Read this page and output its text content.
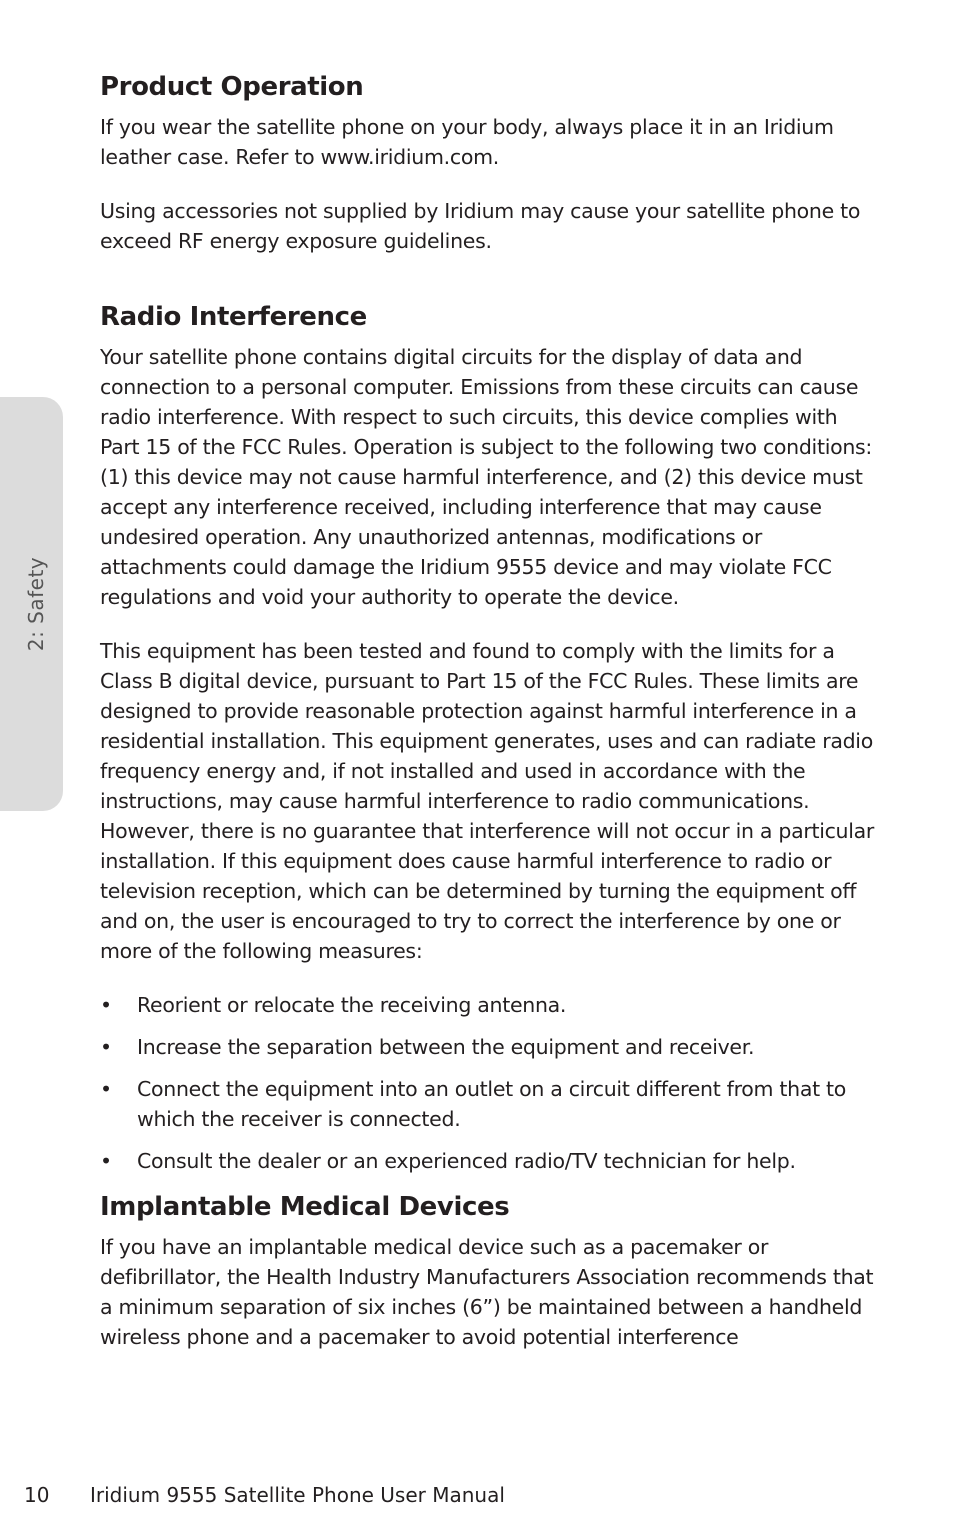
2: Safety
Product Operation

If you wear the satellite phone on your body, always place it in an Iridium leather case. Refer to www.iridium.com.

Using accessories not supplied by Iridium may cause your satellite phone to exceed RF energy exposure guidelines.

Radio Interference

Your satellite phone contains digital circuits for the display of data and connection to a personal computer. Emissions from these circuits can cause radio interference. With respect to such circuits, this device complies with Part 15 of the FCC Rules. Operation is subject to the following two conditions: (1) this device may not cause harmful interference, and (2) this device must accept any interference received, including interference that may cause undesired operation. Any unauthorized antennas, modifications or attachments could damage the Iridium 9555 device and may violate FCC regulations and void your authority to operate the device.

This equipment has been tested and found to comply with the limits for a Class B digital device, pursuant to Part 15 of the FCC Rules. These limits are designed to provide reasonable protection against harmful interference in a residential installation. This equipment generates, uses and can radiate radio frequency energy and, if not installed and used in accordance with the instructions, may cause harmful interference to radio communications. However, there is no guarantee that interference will not occur in a particular installation. If this equipment does cause harmful interference to radio or television reception, which can be determined by turning the equipment off and on, the user is encouraged to try to correct the interference by one or more of the following measures:

• Reorient or relocate the receiving antenna.
• Increase the separation between the equipment and receiver.
• Connect the equipment into an outlet on a circuit different from that to which the receiver is connected.
• Consult the dealer or an experienced radio/TV technician for help.
Implantable Medical Devices

If you have an implantable medical device such as a pacemaker or defibrillator, the Health Industry Manufacturers Association recommends that a minimum separation of six inches (6”) be maintained between a handheld wireless phone and a pacemaker to avoid potential interference

10 Iridium 9555 Satellite Phone User Manual
